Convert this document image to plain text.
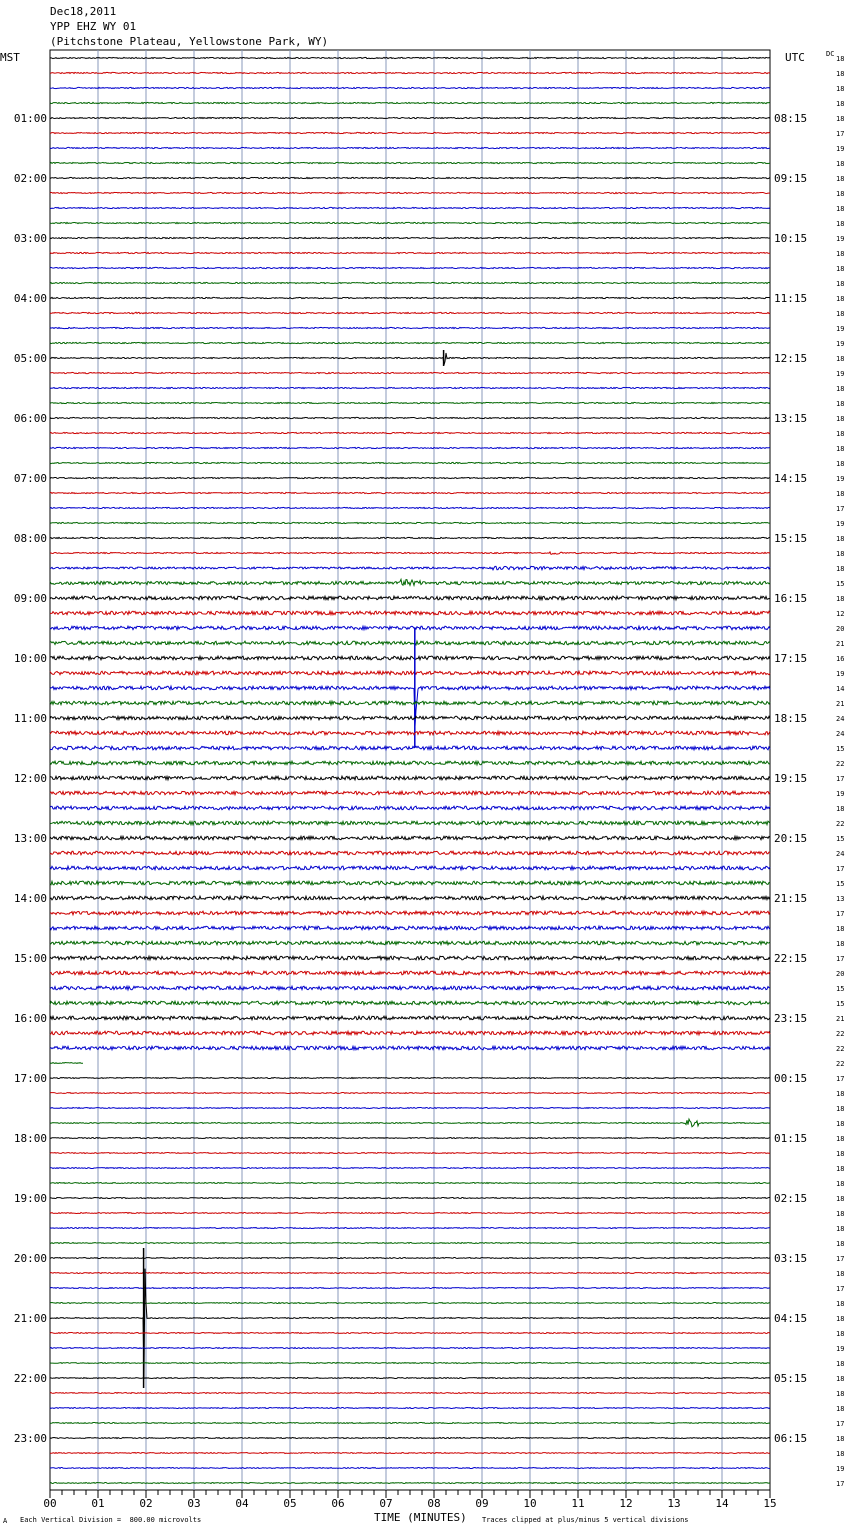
Dec18,2011
YPP EHZ WY 01
(Pitchstone Plateau, Yellowstone Park, WY)
MST	UTC	DC
01:00
02:00
03:00
04:00
05:00
06:00
07:00
08:00
09:00
10:00
11:00
12:00
13:00
14:00
15:00
16:00
17:00
18:00
19:00
20:00
21:00
22:00
23:00
08:15
09:15
10:15
11:15
12:15
13:15
14:15
15:15
16:15
17:15
18:15
19:15
20:15
21:15
22:15
23:15
00:15
01:15
02:15
03:15
04:15
05:15
06:15
18
18
18
18
18
17
19
18
18
18
18
18
19
18
18
18
18
18
19
19
18
19
18
18
18
18
18
18
19
18
17
19
18
18
18
15
18
12
20
21
16
19
14
21
24
24
15
22
17
19
18
22
15
24
17
15
13
17
18
18
17
20
15
15
21
22
22
22
17
18
18
18
18
18
18
18
18
18
18
18
17
18
17
18
18
18
19
18
18
18
18
17
18
18
19
17
00	01	02	03	04	05	06	07	08	09	10	11	12	13	14	15
A Each Vertical Division =  800.00 microvolts	TIME (MINUTES) Traces clipped at plus/minus 5 vertical divisions
